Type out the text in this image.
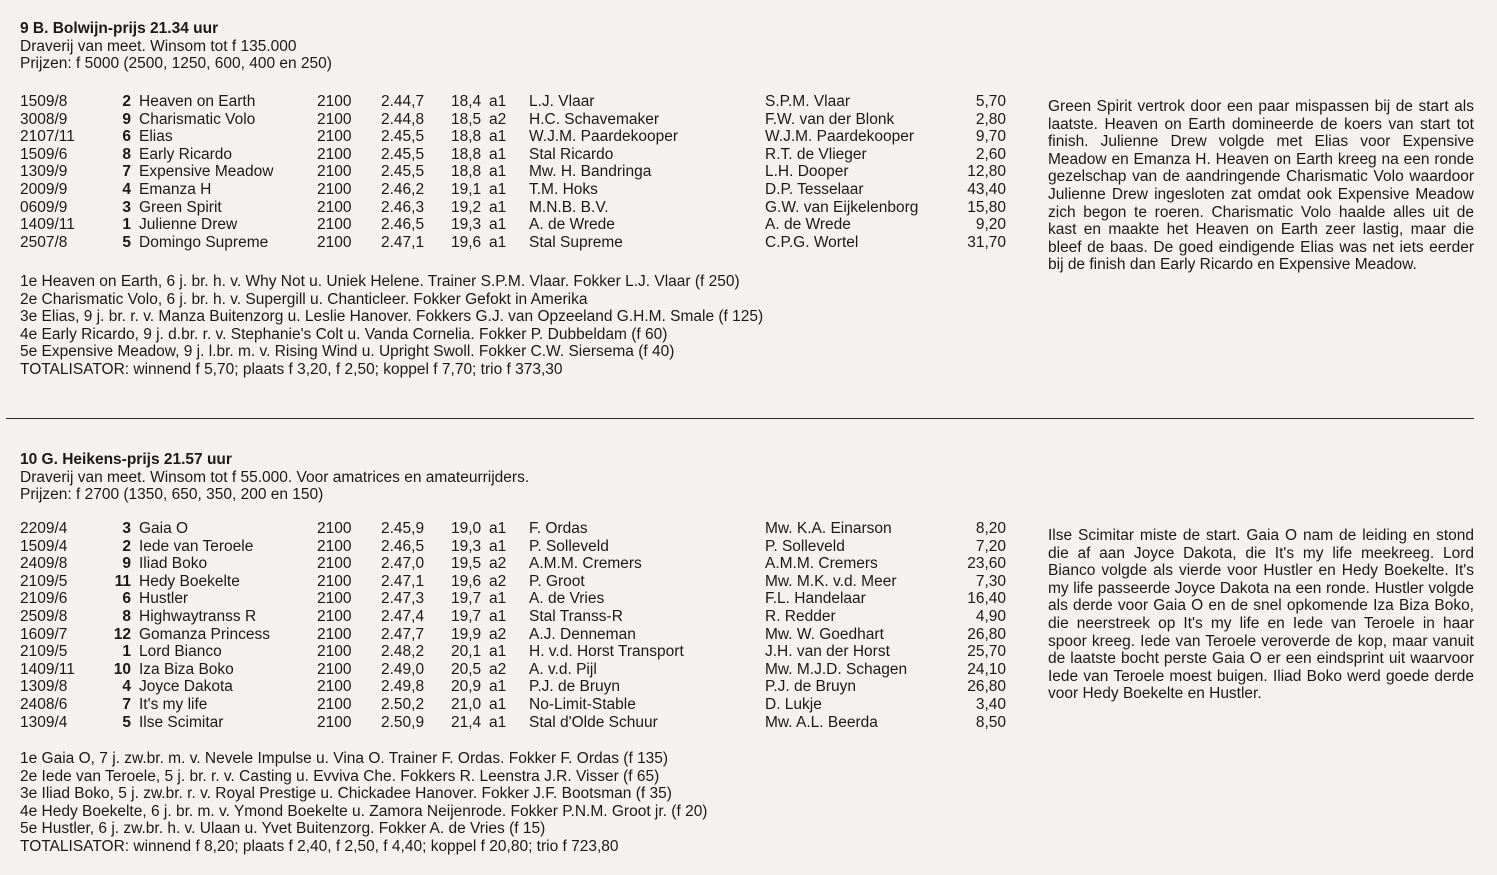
9 B. Bolwijn-prijs 21.34 uur
Draverij van meet. Winsom tot f 135.000
Prijzen: f 5000 (2500, 1250, 600, 400 en 250)
1509/8	2	Heaven on Earth	2100	2.44,7	18,4	a1	L.J. Vlaar	S.P.M. Vlaar	5,70
3008/9	9	Charismatic Volo	2100	2.44,8	18,5	a2	H.C. Schavemaker	F.W. van der Blonk	2,80
2107/11	6	Elias	2100	2.45,5	18,8	a1	W.J.M. Paardekooper	W.J.M. Paardekooper	9,70
1509/6	8	Early Ricardo	2100	2.45,5	18,8	a1	Stal Ricardo	R.T. de Vlieger	2,60
1309/9	7	Expensive Meadow	2100	2.45,5	18,8	a1	Mw. H. Bandringa	L.H. Dooper	12,80
2009/9	4	Emanza H	2100	2.46,2	19,1	a1	T.M. Hoks	D.P. Tesselaar	43,40
0609/9	3	Green Spirit	2100	2.46,3	19,2	a1	M.N.B. B.V.	G.W. van Eijkelenborg	15,80
1409/11	1	Julienne Drew	2100	2.46,5	19,3	a1	A. de Wrede	A. de Wrede	9,20
2507/8	5	Domingo Supreme	2100	2.47,1	19,6	a1	Stal Supreme	C.P.G. Wortel	31,70
1e Heaven on Earth, 6 j. br. h. v. Why Not u. Uniek Helene. Trainer S.P.M. Vlaar. Fokker L.J. Vlaar (f 250)
2e Charismatic Volo, 6 j. br. h. v. Supergill u. Chanticleer. Fokker Gefokt in Amerika
3e Elias, 9 j. br. r. v. Manza Buitenzorg u. Leslie Hanover. Fokkers G.J. van Opzeeland G.H.M. Smale (f 125)
4e Early Ricardo, 9 j. d.br. r. v. Stephanie's Colt u. Vanda Cornelia. Fokker P. Dubbeldam (f 60)
5e Expensive Meadow, 9 j. l.br. m. v. Rising Wind u. Upright Swoll. Fokker C.W. Siersema (f 40)
TOTALISATOR: winnend f 5,70; plaats f 3,20, f 2,50; koppel f 7,70; trio f 373,30
Green Spirit vertrok door een paar mispassen bij de start als laatste. Heaven on Earth domineerde de koers van start tot finish. Julienne Drew volgde met Elias voor Expensive Meadow en Emanza H. Heaven on Earth kreeg na een ronde gezelschap van de aandringende Charismatic Volo waardoor Julienne Drew ingesloten zat omdat ook Expensive Meadow zich begon te roeren. Charismatic Volo haalde alles uit de kast en maakte het Heaven on Earth zeer lastig, maar die bleef de baas. De goed eindigende Elias was net iets eerder bij de finish dan Early Ricardo en Expensive Meadow.
10 G. Heikens-prijs 21.57 uur
Draverij van meet. Winsom tot f 55.000. Voor amatrices en amateurrijders.
Prijzen: f 2700 (1350, 650, 350, 200 en 150)
2209/4	3	Gaia O	2100	2.45,9	19,0	a1	F. Ordas	Mw. K.A. Einarson	8,20
1509/4	2	Iede van Teroele	2100	2.46,5	19,3	a1	P. Solleveld	P. Solleveld	7,20
2409/8	9	Iliad Boko	2100	2.47,0	19,5	a2	A.M.M. Cremers	A.M.M. Cremers	23,60
2109/5	11	Hedy Boekelte	2100	2.47,1	19,6	a2	P. Groot	Mw. M.K. v.d. Meer	7,30
2109/6	6	Hustler	2100	2.47,3	19,7	a1	A. de Vries	F.L. Handelaar	16,40
2509/8	8	Highwaytranss R	2100	2.47,4	19,7	a1	Stal Transs-R	R. Redder	4,90
1609/7	12	Gomanza Princess	2100	2.47,7	19,9	a2	A.J. Denneman	Mw. W. Goedhart	26,80
2109/5	1	Lord Bianco	2100	2.48,2	20,1	a1	H. v.d. Horst Transport	J.H. van der Horst	25,70
1409/11	10	Iza Biza Boko	2100	2.49,0	20,5	a2	A. v.d. Pijl	Mw. M.J.D. Schagen	24,10
1309/8	4	Joyce Dakota	2100	2.49,8	20,9	a1	P.J. de Bruyn	P.J. de Bruyn	26,80
2408/6	7	It's my life	2100	2.50,2	21,0	a1	No-Limit-Stable	D. Lukje	3,40
1309/4	5	Ilse Scimitar	2100	2.50,9	21,4	a1	Stal d'Olde Schuur	Mw. A.L. Beerda	8,50
1e Gaia O, 7 j. zw.br. m. v. Nevele Impulse u. Vina O. Trainer F. Ordas. Fokker F. Ordas (f 135)
2e Iede van Teroele, 5 j. br. r. v. Casting u. Evviva Che. Fokkers R. Leenstra J.R. Visser (f 65)
3e Iliad Boko, 5 j. zw.br. r. v. Royal Prestige u. Chickadee Hanover. Fokker J.F. Bootsman (f 35)
4e Hedy Boekelte, 6 j. br. m. v. Ymond Boekelte u. Zamora Neijenrode. Fokker P.N.M. Groot jr. (f 20)
5e Hustler, 6 j. zw.br. h. v. Ulaan u. Yvet Buitenzorg. Fokker A. de Vries (f 15)
TOTALISATOR: winnend f 8,20; plaats f 2,40, f 2,50, f 4,40; koppel f 20,80; trio f 723,80
Ilse Scimitar miste de start. Gaia O nam de leiding en stond die af aan Joyce Dakota, die It's my life meekreeg. Lord Bianco volgde als vierde voor Hustler en Hedy Boekelte. It's my life passeerde Joyce Dakota na een ronde. Hustler volgde als derde voor Gaia O en de snel opkomende Iza Biza Boko, die neerstreek op It's my life en Iede van Teroele in haar spoor kreeg. Iede van Teroele veroverde de kop, maar vanuit de laatste bocht perste Gaia O er een eindsprint uit waarvoor Iede van Teroele moest buigen. Iliad Boko werd goede derde voor Hedy Boekelte en Hustler.
